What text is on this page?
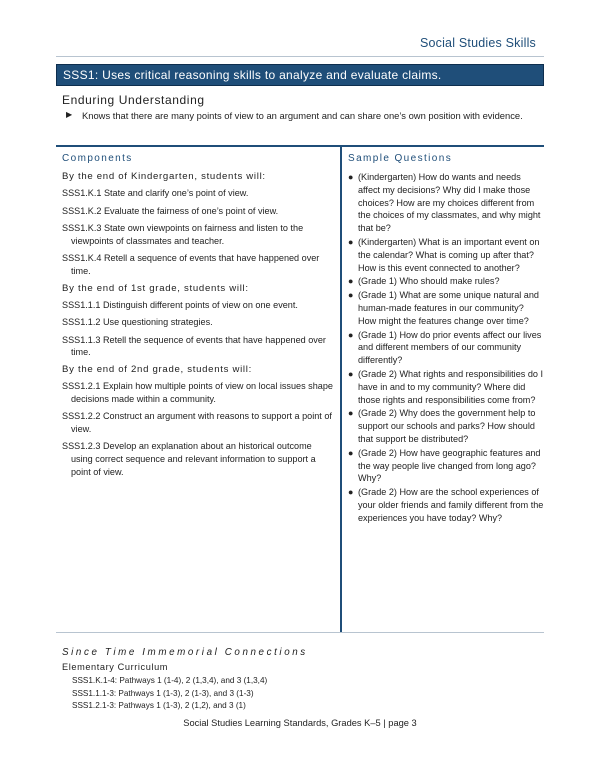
Social Studies Skills
SSS1: Uses critical reasoning skills to analyze and evaluate claims.
Enduring Understanding
▶ Knows that there are many points of view to an argument and can share one’s own position with evidence.
Components
By the end of Kindergarten, students will:
SSS1.K.1 State and clarify one’s point of view.
SSS1.K.2 Evaluate the fairness of one’s point of view.
SSS1.K.3 State own viewpoints on fairness and listen to the viewpoints of classmates and teacher.
SSS1.K.4 Retell a sequence of events that have happened over time.
By the end of 1st grade, students will:
SSS1.1.1 Distinguish different points of view on one event.
SSS1.1.2 Use questioning strategies.
SSS1.1.3 Retell the sequence of events that have happened over time.
By the end of 2nd grade, students will:
SSS1.2.1 Explain how multiple points of view on local issues shape decisions made within a community.
SSS1.2.2 Construct an argument with reasons to support a point of view.
SSS1.2.3 Develop an explanation about an historical outcome using correct sequence and relevant information to support a point of view.
Sample Questions
● (Kindergarten) How do wants and needs affect my decisions? Why did I make those choices? How are my choices different from the choices of my classmates, and why might that be?
● (Kindergarten) What is an important event on the calendar? What is coming up after that? How is this event connected to another?
● (Grade 1) Who should make rules?
● (Grade 1) What are some unique natural and human-made features in our community? How might the features change over time?
● (Grade 1) How do prior events affect our lives and different members of our community differently?
● (Grade 2) What rights and responsibilities do I have in and to my community? Where did those rights and responsibilities come from?
● (Grade 2) Why does the government help to support our schools and parks? How should that support be distributed?
● (Grade 2) How have geographic features and the way people live changed from long ago? Why?
● (Grade 2) How are the school experiences of your older friends and family different from the experiences you have today? Why?
Since Time Immemorial Connections
Elementary Curriculum
SSS1.K.1-4: Pathways 1 (1-4), 2 (1,3,4), and 3 (1,3,4)
SSS1.1.1-3: Pathways 1 (1-3), 2 (1-3), and 3 (1-3)
SSS1.2.1-3: Pathways 1 (1-3), 2 (1,2), and 3 (1)
Social Studies Learning Standards, Grades K–5 | page 3
